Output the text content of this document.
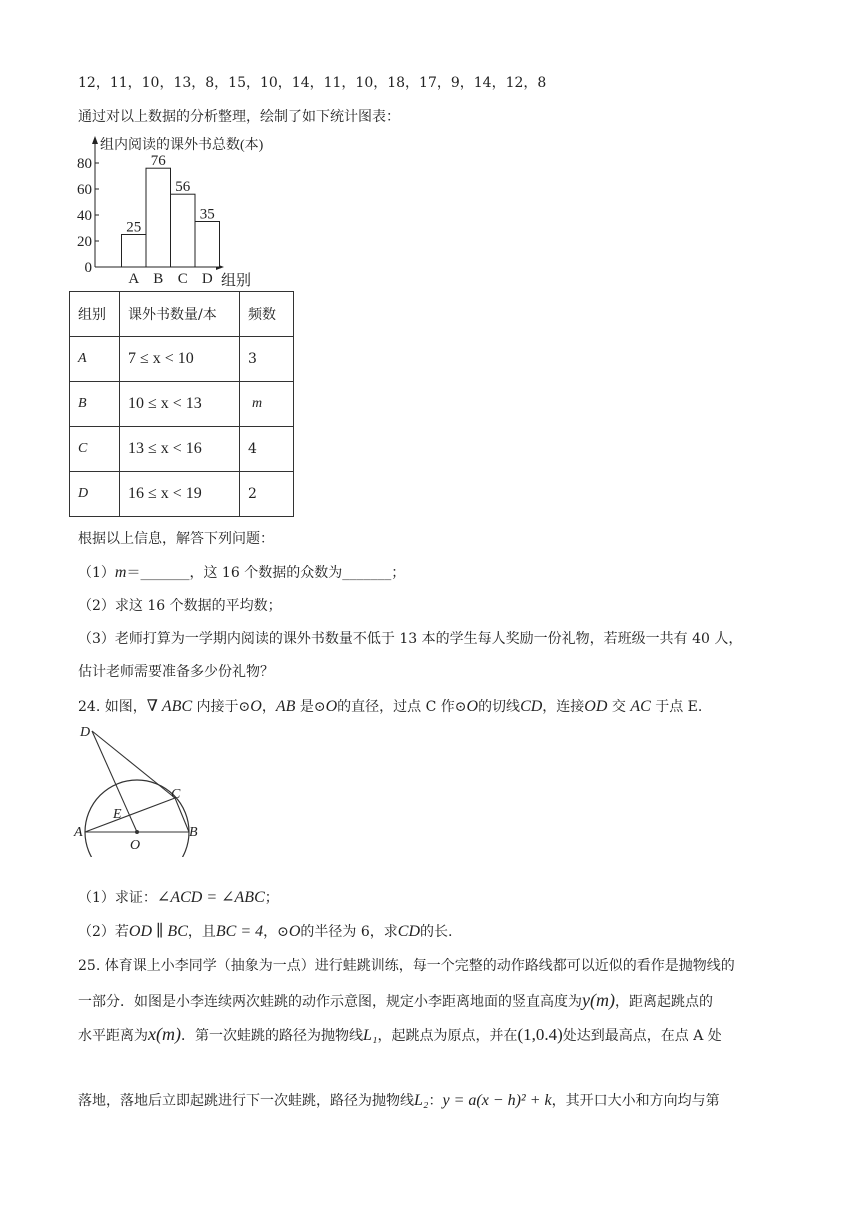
12，11，10，13，8，15，10，14，11，10，18，17，9，14，12，8
通过对以上数据的分析整理，绘制了如下统计图表：
组内阅读的课外书总数(本)
组别
0
20
40
60
80
25
A
76
B
56
C
35
D
组别	课外书数量/本	频数
A	7 ≤ x < 10	3
B	10 ≤ x < 13	m
C	13 ≤ x < 16	4
D	16 ≤ x < 19	2
根据以上信息，解答下列问题：
（1）m＝_______，这 16 个数据的众数为_______；
（2）求这 16 个数据的平均数；
（3）老师打算为一学期内阅读的课外书数量不低于 13 本的学生每人奖励一份礼物，若班级一共有 40 人，
估计老师需要准备多少份礼物？
24. 如图，∇ ABC 内接于⊙O，AB 是⊙O的直径，过点 C 作⊙O的切线CD，连接OD 交 AC 于点 E.
D
C
E
A
O
B
（1）求证：∠ACD = ∠ABC；
（2）若OD ∥ BC，且BC = 4，⊙O的半径为 6，求CD的长.
25. 体育课上小李同学（抽象为一点）进行蛙跳训练，每一个完整的动作路线都可以近似的看作是抛物线的
一部分．如图是小李连续两次蛙跳的动作示意图，规定小李距离地面的竖直高度为y(m)，距离起跳点的
水平距离为x(m)．第一次蛙跳的路径为抛物线L₁，起跳点为原点，并在(1,0.4)处达到最高点，在点 A 处
落地，落地后立即起跳进行下一次蛙跳，路径为抛物线L₂：y = a(x − h)² + k，其开口大小和方向均与第
